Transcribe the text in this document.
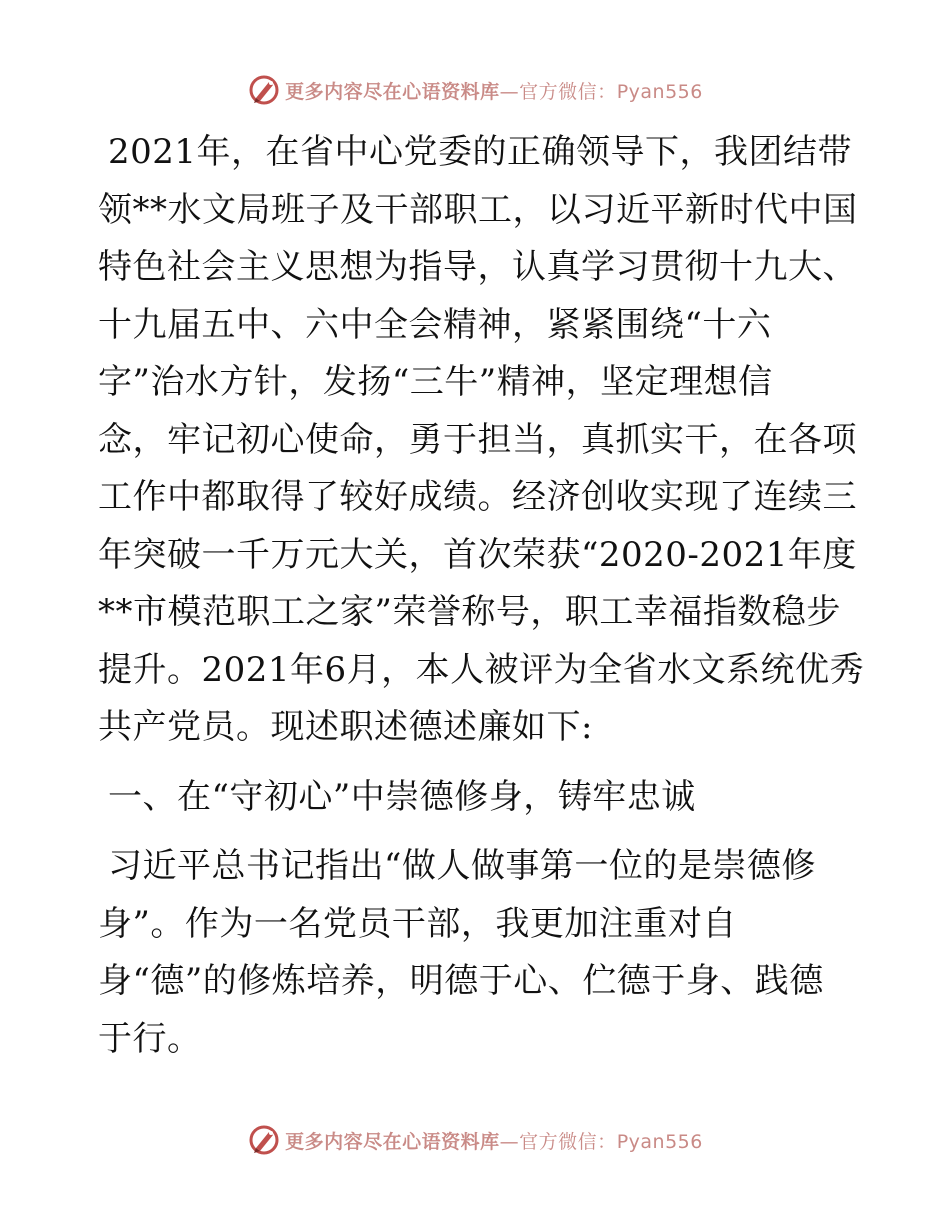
更多内容尽在心语资料库—官方微信：Pyan556
2021年，在省中心党委的正确领导下，我团结带
领**水文局班子及干部职工，以习近平新时代中国
特色社会主义思想为指导，认真学习贯彻十九大、
十九届五中、六中全会精神，紧紧围绕“十六
字”治水方针，发扬“三牛”精神，坚定理想信
念，牢记初心使命，勇于担当，真抓实干，在各项
工作中都取得了较好成绩。经济创收实现了连续三
年突破一千万元大关，首次荣获“2020-2021年度
**市模范职工之家”荣誉称号，职工幸福指数稳步
提升。2021年6月，本人被评为全省水文系统优秀
共产党员。现述职述德述廉如下:
一、在“守初心”中崇德修身，铸牢忠诚
习近平总书记指出“做人做事第一位的是崇德修
身”。作为一名党员干部，我更加注重对自
身“德”的修炼培养，明德于心、伫德于身、践德
于行。
更多内容尽在心语资料库—官方微信：Pyan556
